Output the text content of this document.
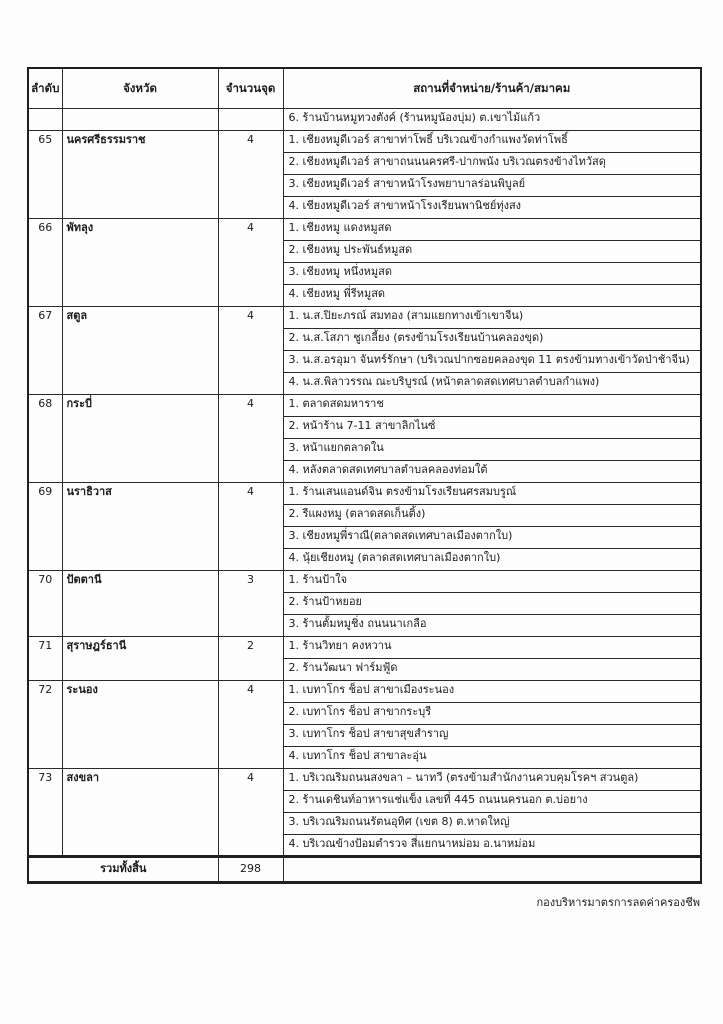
ลำดับ	จังหวัด	จำนวนจุด	สถานที่จำหน่าย/ร้านค้า/สมาคม
			6. ร้านบ้านหมูทวงตังค์ (ร้านหมูน้องบุ่ม) ต.เขาไม้แก้ว
65	นครศรีธรรมราช	4	1. เชียงหมูดีเวอร์ สาขาท่าโพธิ์ บริเวณข้างกำแพงวัดท่าโพธิ์
			2. เชียงหมูดีเวอร์ สาขาถนนนครศรี-ปากพนัง บริเวณตรงข้างไทวัสดุ
			3. เชียงหมูดีเวอร์ สาขาหน้าโรงพยาบาลร่อนพิบูลย์
			4. เชียงหมูดีเวอร์ สาขาหน้าโรงเรียนพานิชย์ทุ่งสง
66	พัทลุง	4	1. เชียงหมู แดงหมูสด
			2. เชียงหมู ประพันธ์หมูสด
			3. เชียงหมู หนึ่งหมูสด
			4. เชียงหมู พี่รีหมูสด
67	สตูล	4	1. น.ส.ปิยะภรณ์ สมทอง (สามแยกทางเข้าเขาจีน)
			2. น.ส.โสภา ชูเกลี้ยง (ตรงข้ามโรงเรียนบ้านคลองขุด)
			3. น.ส.อรอุมา จันทร์รักษา (บริเวณปากซอยคลองขุด 11 ตรงข้ามทางเข้าวัดป่าช้าจีน)
			4. น.ส.พิลาวรรณ ณะบริบูรณ์ (หน้าตลาดสดเทศบาลตำบลกำแพง)
68	กระบี่	4	1. ตลาดสดมหาราช
			2. หน้าร้าน 7-11 สาขาลิกไนซ์
			3. หน้าแยกตลาดใน
			4. หลังตลาดสดเทศบาลตำบลคลองท่อมใต้
69	นราธิวาส	4	1. ร้านเสนแอนด์จิน ตรงข้ามโรงเรียนศรสมบรูณ์
			2. รีแผงหมู (ตลาดสดเก็นติ้ง)
			3. เชียงหมูพี่ราณี(ตลาดสดเทศบาลเมืองตากใบ)
			4. นุ้ยเชียงหมู (ตลาดสดเทศบาลเมืองตากใบ)
70	ปัตตานี	3	1. ร้านป้าใจ
			2. ร้านป้าหยอย
			3. ร้านตั้มหมูชิ่ง ถนนนาเกลือ
71	สุราษฎร์ธานี	2	1. ร้านวิทยา คงหวาน
			2. ร้านวัฒนา ฟาร์มฟู้ด
72	ระนอง	4	1. เบทาโกร ช็อป สาขาเมืองระนอง
			2. เบทาโกร ช็อป สาขากระบุรี
			3. เบทาโกร ช็อป สาขาสุขสำราญ
			4. เบทาโกร ช็อป สาขาละอุ่น
73	สงขลา	4	1. บริเวณริมถนนสงขลา – นาทวี (ตรงข้ามสำนักงานควบคุมโรคฯ สวนตูล)
			2. ร้านเดชินท์อาหารแช่แข็ง เลขที่ 445 ถนนนครนอก ต.บ่อยาง
			3. บริเวณริมถนนรัตนอุทิศ (เขต 8) ต.หาดใหญ่
			4. บริเวณข้างป้อมตำรวจ สี่แยกนาหม่อม อ.นาหม่อม
รวมทั้งสิ้น		298	
กองบริหารมาตรการลดค่าครองชีพ
